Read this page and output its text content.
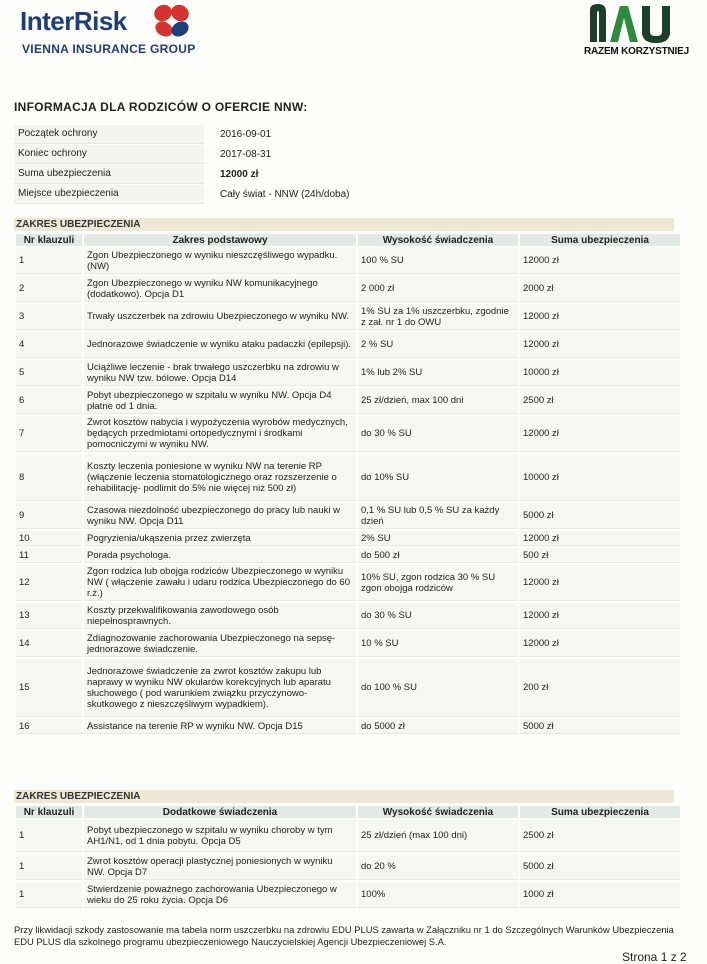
InterRisk
VIENNA INSURANCE GROUP	RAZEM KORZYSTNIEJ
INFORMACJA DLA RODZICÓW O OFERCIE NNW:
Początek ochrony	2016-09-01
Koniec ochrony	2017-08-31
Suma ubezpieczenia	12000 zł
Miejsce ubezpieczenia	Cały świat - NNW (24h/doba)
ZAKRES UBEZPIECZENIA
Nr klauzuli	Zakres podstawowy	Wysokość świadczenia	Suma ubezpieczenia
1	Zgon Ubezpieczonego w wyniku nieszczęśliwego wypadku. (NW)	100 % SU	12000 zł
2	Zgon Ubezpieczonego w wyniku NW komunikacyjnego (dodatkowo). Opcja D1	2 000 zł	2000 zł
3	Trwały uszczerbek na zdrowiu Ubezpieczonego w wyniku NW.	1% SU za 1% uszczerbku, zgodnie z zał. nr 1 do OWU	12000 zł
4	Jednorazowe świadczenie w wyniku ataku padaczki (epilepsji).	2 % SU	12000 zł
5	Uciążliwe leczenie - brak trwałego uszczerbku na zdrowiu w wyniku NW tzw. bólowe. Opcja D14	1% lub 2% SU	10000 zł
6	Pobyt ubezpieczonego w szpitalu w wyniku NW. Opcja D4 płatne od 1 dnia.	25 zł/dzień, max 100 dni	2500 zł
7	Zwrot kosztów nabycia i wypożyczenia wyrobów medycznych, będących przedmiotami ortopedycznymi i środkami pomocniczymi w wyniku NW.	do 30 % SU	12000 zł
8	Koszty leczenia poniesione w wyniku NW na terenie RP (włączenie leczenia stomatologicznego oraz rozszerzenie o rehabilitację- podlimit do 5% nie więcej niż 500 zł)	do 10% SU	10000 zł
9	Czasowa niezdolność ubezpieczonego do pracy lub nauki w wyniku NW. Opcja D11	0,1 % SU lub 0,5 % SU za każdy dzień	5000 zł
10	Pogryzienia/ukąszenia przez zwierzęta	2% SU	12000 zł
11	Porada psychologa.	do 500 zł	500 zł
12	Zgon rodzica lub obojga rodziców Ubezpieczonego w wyniku NW ( włączenie zawału i udaru rodzica Ubezpieczonego do 60 r.ż.)	10% SU, zgon rodzica 30 % SU zgon obojga rodziców	12000 zł
13	Koszty przekwalifikowania zawodowego osób niepełnosprawnych.	do 30 % SU	12000 zł
14	Zdiagnozowanie zachorowania Ubezpieczonego na sepsę- jednorazowe świadczenie.	10 % SU	12000 zł
15	Jednorazowe świadczenie za zwrot kosztów zakupu lub naprawy w wyniku NW okularów korekcyjnych lub aparatu słuchowego ( pod warunkiem związku przyczynowo-skutkowego z nieszczęśliwym wypadkiem).	do 100 % SU	200 zł
16	Assistance na terenie RP w wyniku NW. Opcja D15	do 5000 zł	5000 zł
ZAKRES UBEZPIECZENIA
Nr klauzuli	Dodatkowe świadczenia	Wysokość świadczenia	Suma ubezpieczenia
1	Pobyt ubezpieczonego w szpitalu w wyniku choroby w tym AH1/N1, od 1 dnia pobytu. Opcja D5	25 zł/dzień (max 100 dni)	2500 zł
1	Zwrot kosztów operacji plastycznej poniesionych w wyniku NW. Opcja D7	do 20 %	5000 zł
1	Stwierdzenie poważnego zachorowania Ubezpieczonego w wieku do 25 roku życia. Opcja D6	100%	1000 zł
Przy likwidacji szkody zastosowanie ma tabela norm uszczerbku na zdrowiu EDU PLUS zawarta w Załączniku nr 1 do Szczególnych Warunków Ubezpieczenia EDU PLUS dla szkolnego programu ubezpieczeniowego Nauczycielskiej Agencji Ubezpieczeniowej S.A.
Strona 1 z 2
